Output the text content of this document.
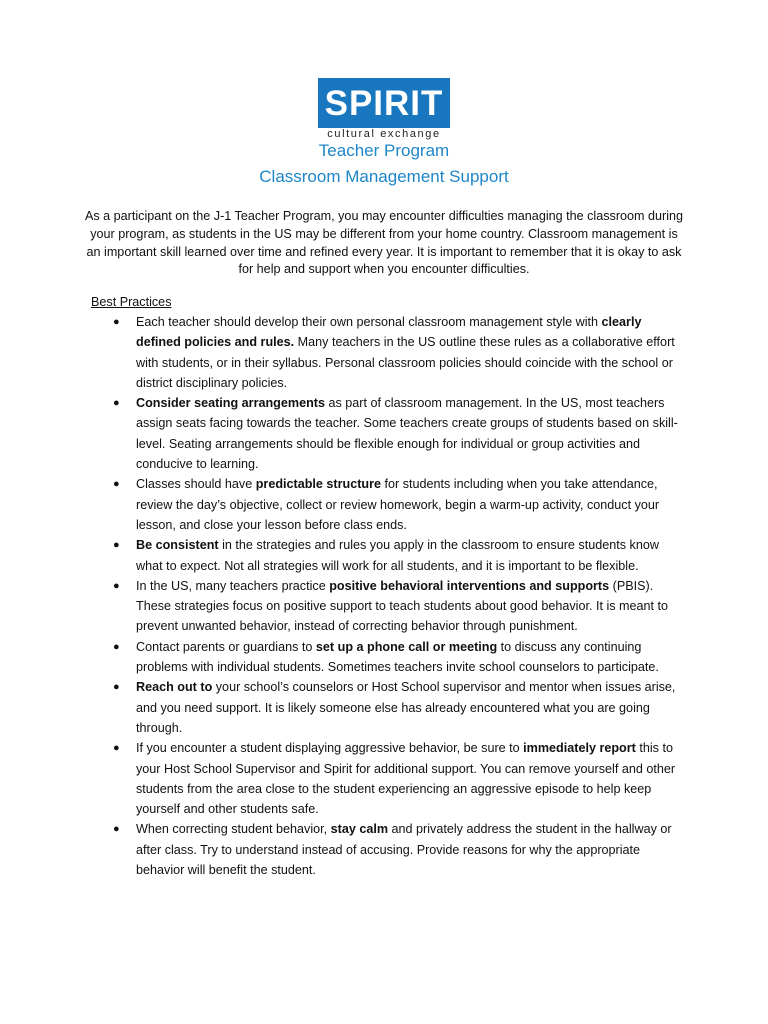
SPIRIT
cultural exchange
Teacher Program
Classroom Management Support
As a participant on the J-1 Teacher Program, you may encounter difficulties managing the classroom during your program, as students in the US may be different from your home country. Classroom management is an important skill learned over time and refined every year. It is important to remember that it is okay to ask for help and support when you encounter difficulties.
Best Practices
● Each teacher should develop their own personal classroom management style with clearly defined policies and rules. Many teachers in the US outline these rules as a collaborative effort with students, or in their syllabus. Personal classroom policies should coincide with the school or district disciplinary policies.
● Consider seating arrangements as part of classroom management. In the US, most teachers assign seats facing towards the teacher. Some teachers create groups of students based on skill-level. Seating arrangements should be flexible enough for individual or group activities and conducive to learning.
● Classes should have predictable structure for students including when you take attendance, review the day’s objective, collect or review homework, begin a warm-up activity, conduct your lesson, and close your lesson before class ends.
● Be consistent in the strategies and rules you apply in the classroom to ensure students know what to expect. Not all strategies will work for all students, and it is important to be flexible.
● In the US, many teachers practice positive behavioral interventions and supports (PBIS). These strategies focus on positive support to teach students about good behavior. It is meant to prevent unwanted behavior, instead of correcting behavior through punishment.
● Contact parents or guardians to set up a phone call or meeting to discuss any continuing problems with individual students. Sometimes teachers invite school counselors to participate.
● Reach out to your school’s counselors or Host School supervisor and mentor when issues arise, and you need support. It is likely someone else has already encountered what you are going through.
● If you encounter a student displaying aggressive behavior, be sure to immediately report this to your Host School Supervisor and Spirit for additional support. You can remove yourself and other students from the area close to the student experiencing an aggressive episode to help keep yourself and other students safe.
● When correcting student behavior, stay calm and privately address the student in the hallway or after class. Try to understand instead of accusing. Provide reasons for why the appropriate behavior will benefit the student.
